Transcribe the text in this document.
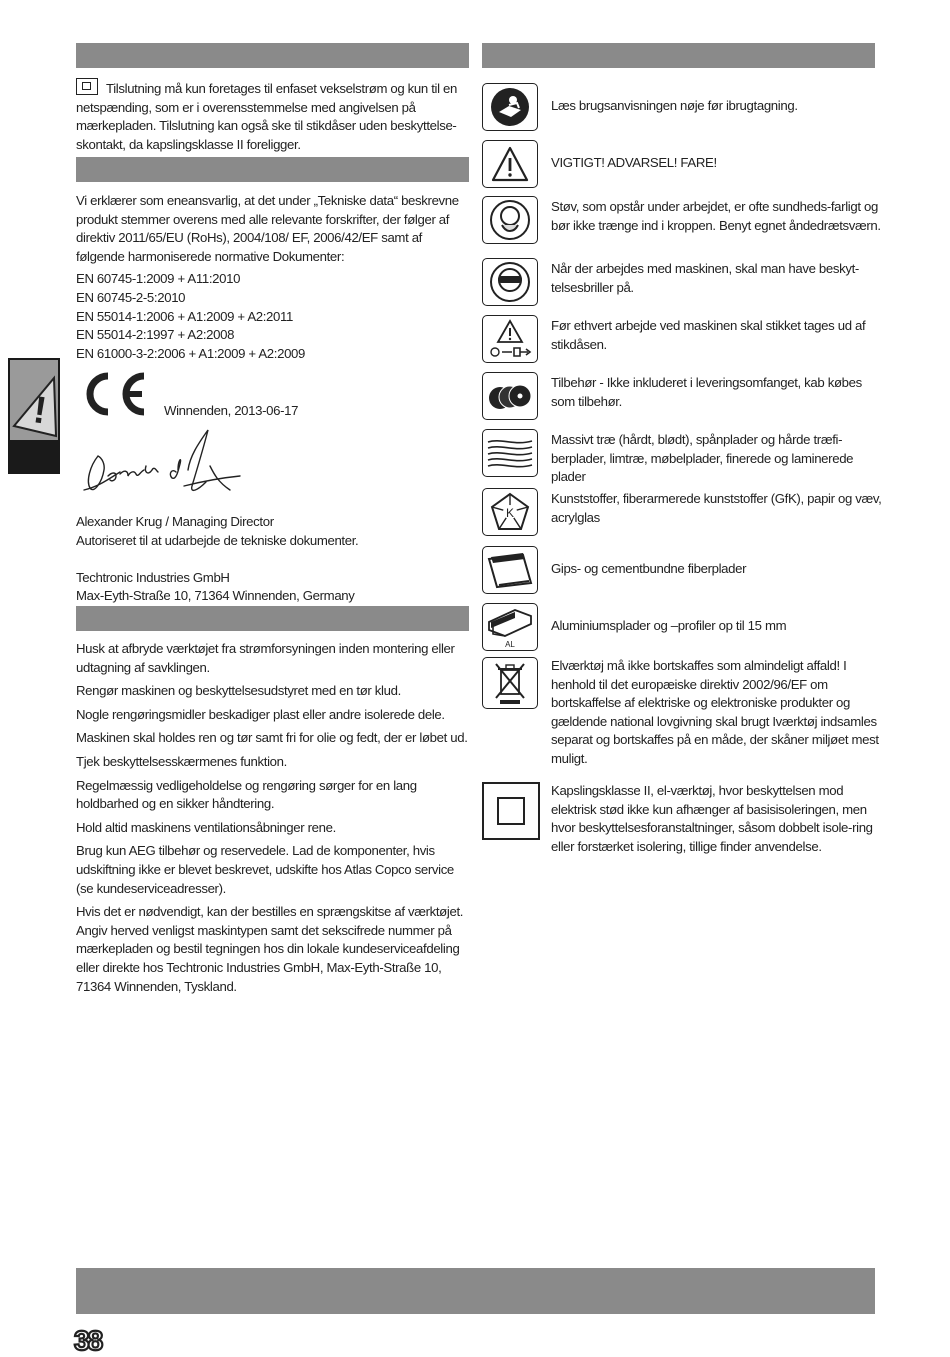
!
Tilslutning må kun foretages til enfaset vekselstrøm og kun til en netspænding, som er i overensstemmelse med angivelsen på mærkepladen. Tilslutning kan også ske til stikdåser uden beskyttelse-skontakt, da kapslingsklasse II foreligger.

Vi erklærer som eneansvarlig, at det under „Tekniske data“ beskrevne produkt stemmer overens med alle relevante forskrifter, der følger af direktiv 2011/65/EU (RoHs), 2004/108/ EF, 2006/42/EF samt af følgende harmoniserede normative Dokumenter:

EN 60745-1:2009 + A11:2010

EN 60745-2-5:2010

EN 55014-1:2006 + A1:2009 + A2:2011

EN 55014-2:1997 + A2:2008

EN 61000-3-2:2006 + A1:2009 + A2:2009

CE
Winnenden, 2013-06-17

Alexander Krug / Managing Director

Autoriseret til at udarbejde de tekniske dokumenter.

Techtronic Industries GmbH

Max-Eyth-Straße 10, 71364 Winnenden, Germany

Husk at afbryde værktøjet fra strømforsyningen inden montering eller udtagning af savklingen.

Rengør maskinen og beskyttelsesudstyret med en tør klud.

Nogle rengøringsmidler beskadiger plast eller andre isolerede dele.

Maskinen skal holdes ren og tør samt fri for olie og fedt, der er løbet ud.

Tjek beskyttelsesskærmenes funktion.

Regelmæssig vedligeholdelse og rengøring sørger for en lang holdbarhed og en sikker håndtering.

Hold altid maskinens ventilationsåbninger rene.

Brug kun AEG tilbehør og reservedele. Lad de komponenter, hvis udskiftning ikke er blevet beskrevet, udskifte hos Atlas Copco service (se kundeserviceadresser).

Hvis det er nødvendigt, kan der bestilles en sprængskitse af værktøjet. Angiv herved venligst maskintypen samt det sekscifrede nummer på mærkepladen og bestil tegningen hos din lokale kundeserviceafdeling eller direkte hos Techtronic Industries GmbH, Max-Eyth-Straße 10, 71364 Winnenden, Tyskland.

Læs brugsanvisningen nøje før ibrugtagning.
VIGTIGT! ADVARSEL! FARE!
Støv, som opstår under arbejdet, er ofte sundheds-farligt og bør ikke trænge ind i kroppen. Benyt egnet åndedrætsværn.
Når der arbejdes med maskinen, skal man have beskyt-telsesbriller på.
Før ethvert arbejde ved maskinen skal stikket tages ud af stikdåsen.
Tilbehør - Ikke inkluderet i leveringsomfanget, kab købes som tilbehør.
Massivt træ (hårdt, blødt), spånplader og hårde træfi-berplader, limtræ, møbelplader, finerede og laminerede plader
K
Kunststoffer, fiberarmerede kunststoffer (GfK), papir og væv, acrylglas
Gips- og cementbundne fiberplader
AL
Aluminiumsplader og –profiler op til 15 mm
Elværktøj må ikke bortskaffes som almindeligt affald! I henhold til det europæiske direktiv 2002/96/EF om bortskaffelse af elektriske og elektroniske produkter og gældende national lovgivning skal brugt Iværktøj indsamles separat og bortskaffes på en måde, der skåner miljøet mest muligt.
Kapslingsklasse II, el-værktøj, hvor beskyttelsen mod elektrisk stød ikke kun afhænger af basisisoleringen, men hvor beskyttelsesforanstaltninger, såsom dobbelt isole-ring eller forstærket isolering, tillige finder anvendelse.
38
